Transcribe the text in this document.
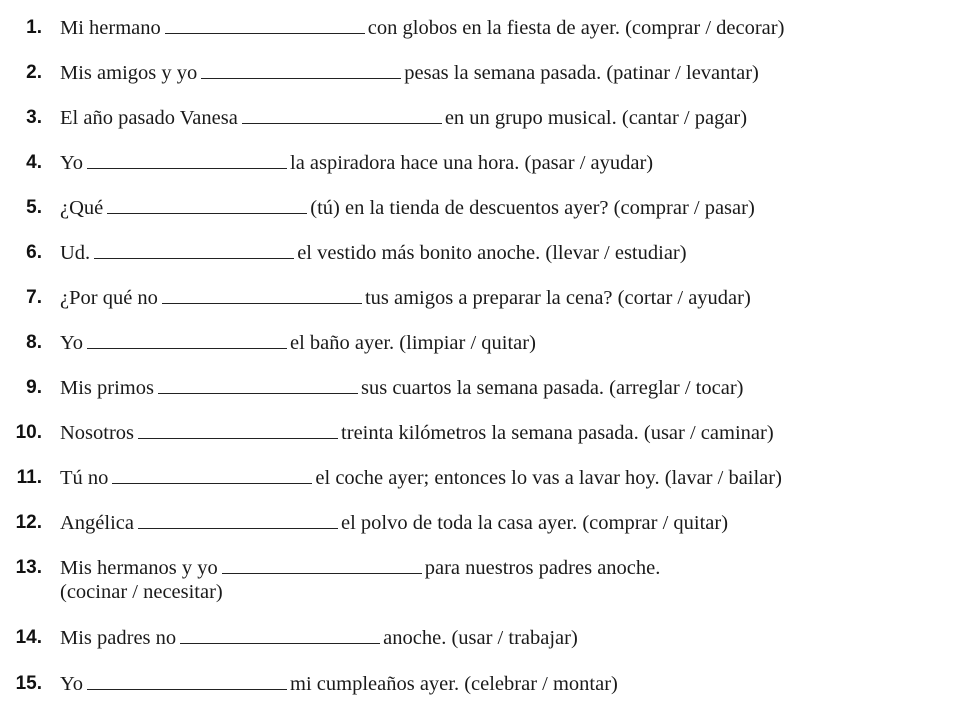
1. Mi hermano	con globos en la fiesta de ayer. (comprar / decorar)
2. Mis amigos y yo	pesas la semana pasada. (patinar / levantar)
3. El año pasado Vanesa	en un grupo musical. (cantar / pagar)
4. Yo	la aspiradora hace una hora. (pasar / ayudar)
5. ¿Qué	(tú) en la tienda de descuentos ayer? (comprar / pasar)
6. Ud.	el vestido más bonito anoche. (llevar / estudiar)
7. ¿Por qué no	tus amigos a preparar la cena? (cortar / ayudar)
8. Yo	el baño ayer. (limpiar / quitar)
9. Mis primos	sus cuartos la semana pasada. (arreglar / tocar)
10. Nosotros	treinta kilómetros la semana pasada. (usar / caminar)
11. Tú no	el coche ayer; entonces lo vas a lavar hoy. (lavar / bailar)
12. Angélica	el polvo de toda la casa ayer. (comprar / quitar)
13. Mis hermanos y yo	para nuestros padres anoche.
(cocinar / necesitar)
14. Mis padres no	anoche. (usar / trabajar)
15. Yo	mi cumpleaños ayer. (celebrar / montar)
